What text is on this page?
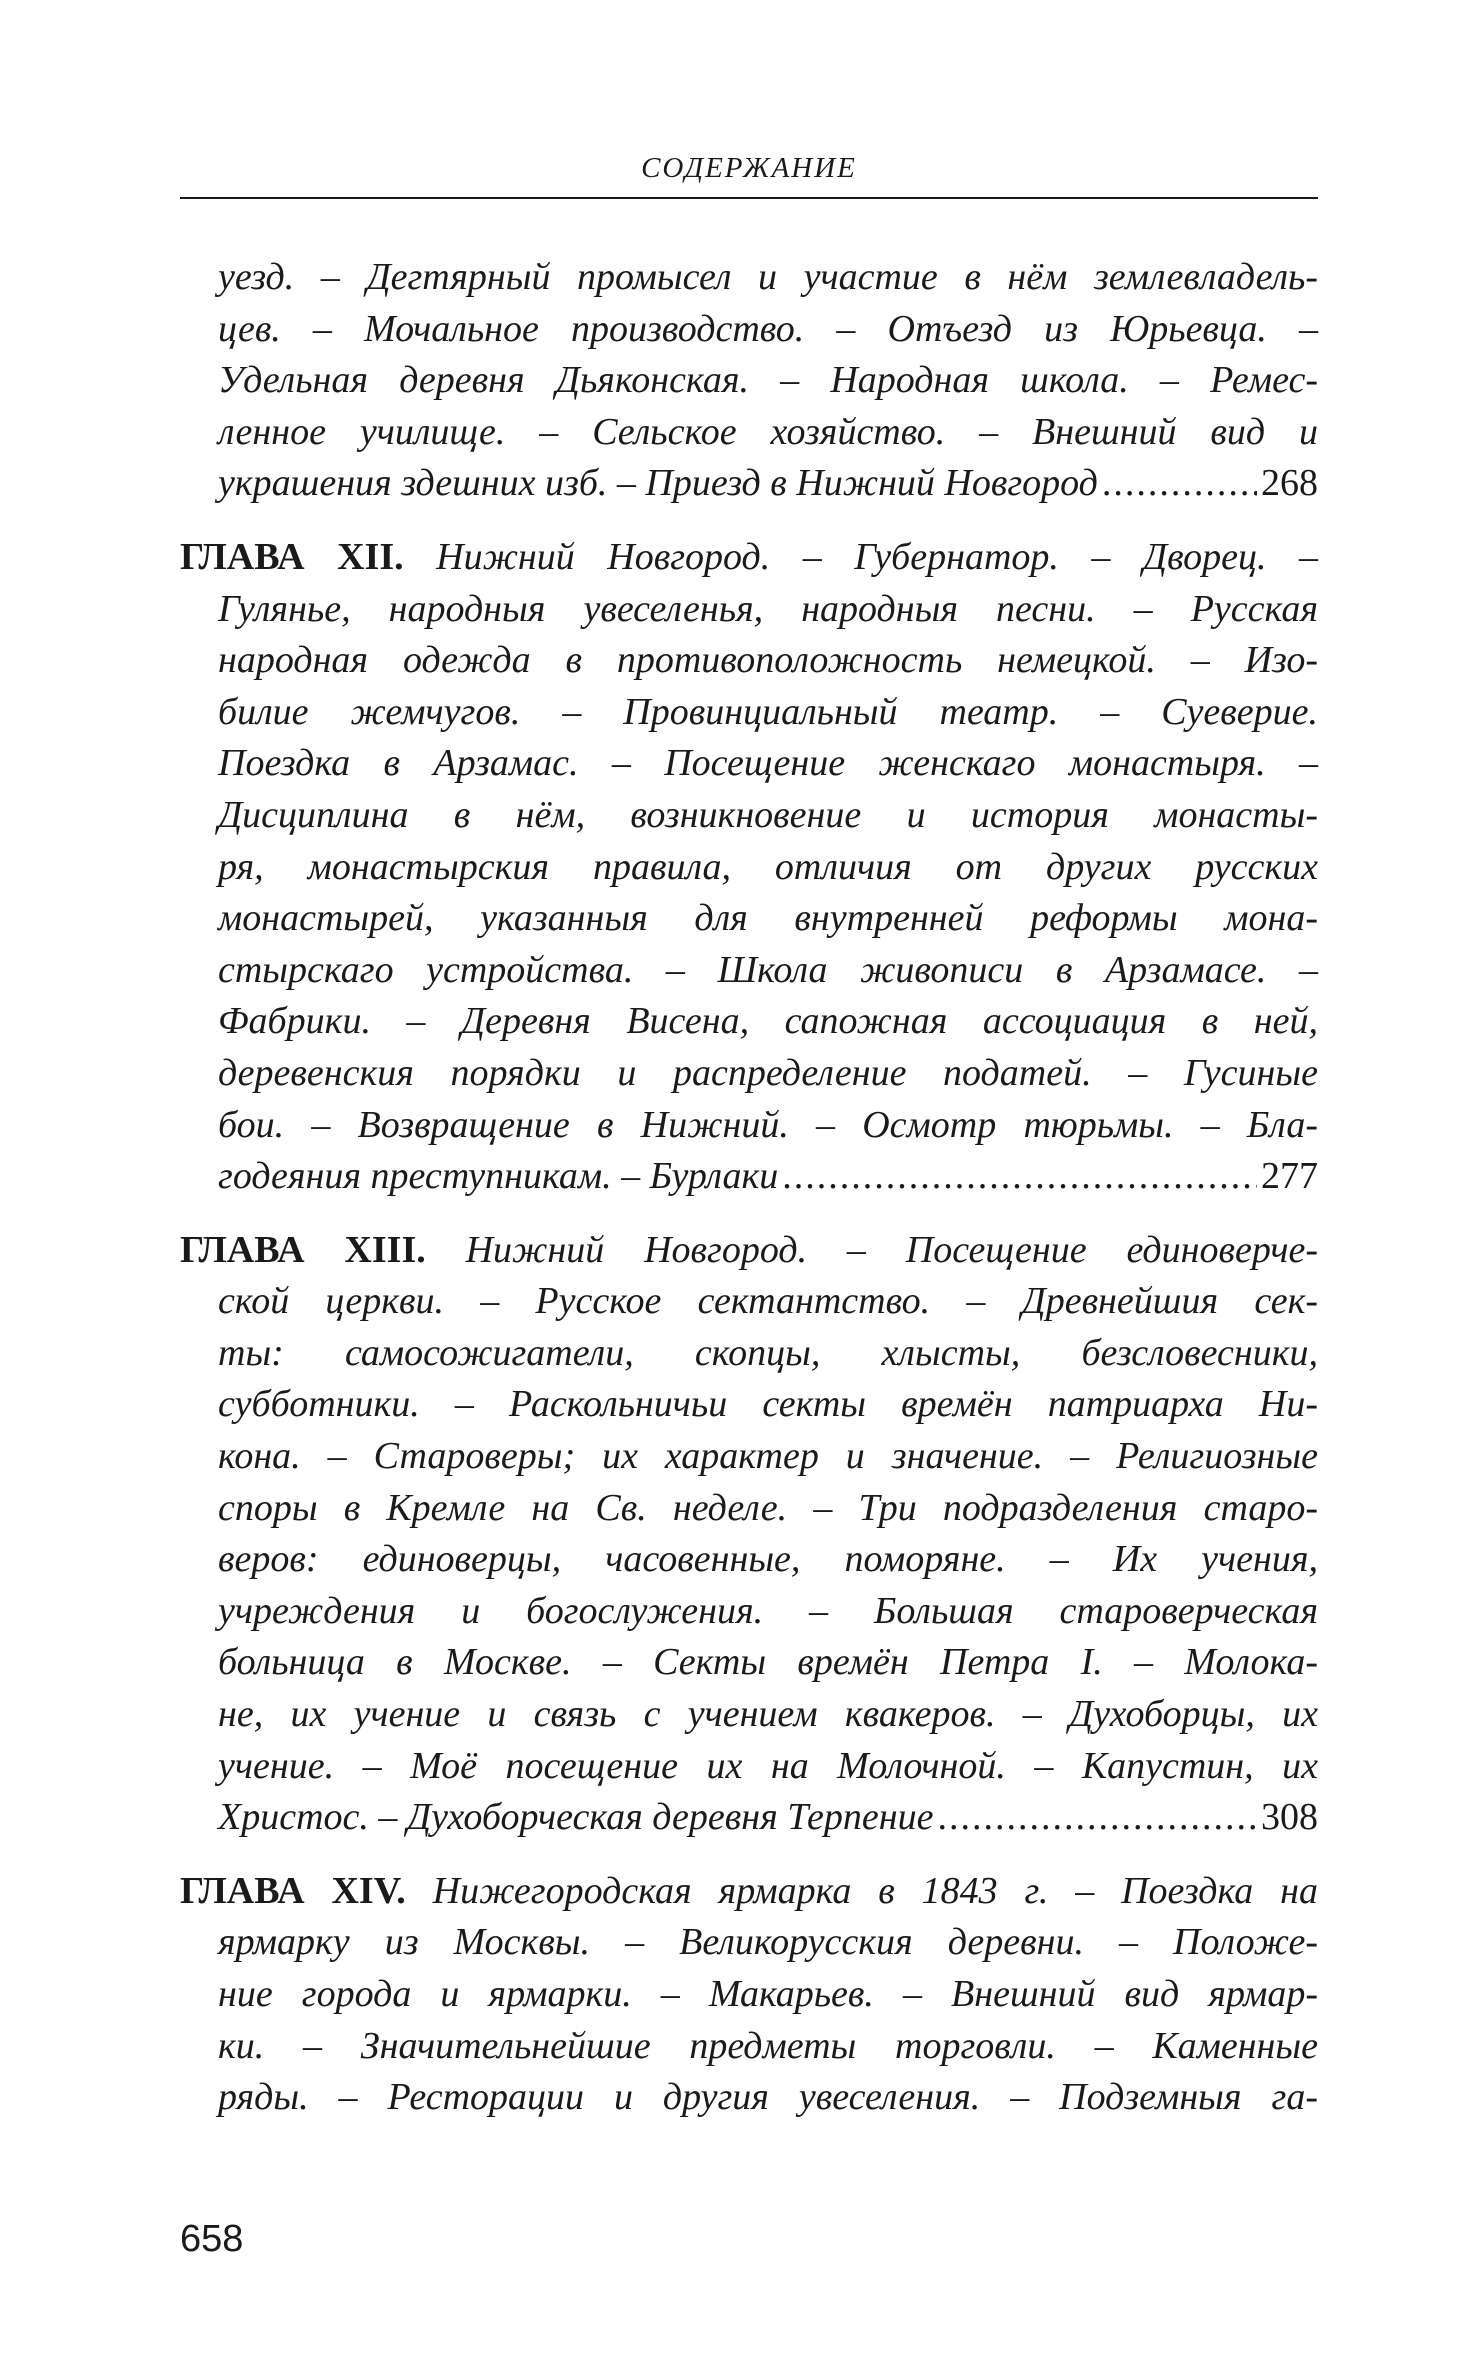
СОДЕРЖАНИЕ
уезд. – Дегтярный промысел и участие в нём землевладель-
цев. – Мочальное производство. – Отъезд из Юрьевца. –
Удельная деревня Дьяконская. – Народная школа. – Ремес-
ленное училище. – Сельское хозяйство. – Внешний вид и
украшения здешних изб. – Приезд в Нижний Новгород .....	268
ГЛАВА XII. Нижний Новгород. – Губернатор. – Дворец. –
Гулянье, народныя увеселенья, народныя песни. – Русская
народная одежда в противоположность немецкой. – Изо-
билие жемчугов. – Провинциальный театр. – Суеверие.
Поездка в Арзамас. – Посещение женскаго монастыря. –
Дисциплина в нём, возникновение и история монасты-
ря, монастырския правила, отличия от других русских
монастырей, указанныя для внутренней реформы мона-
стырскаго устройства. – Школа живописи в Арзамасе. –
Фабрики. – Деревня Висена, сапожная ассоциация в ней,
деревенския порядки и распределение податей. – Гусиные
бои. – Возвращение в Нижний. – Осмотр тюрьмы. – Бла-
годеяния преступникам. – Бурлаки .....	277
ГЛАВА XIII. Нижний Новгород. – Посещение единоверче-
ской церкви. – Русское сектантство. – Древнейшия сек-
ты: самосожигатели, скопцы, хлысты, безсловесники,
субботники. – Раскольничьи секты времён патриарха Ни-
кона. – Староверы; их характер и значение. – Религиозные
споры в Кремле на Св. неделе. – Три подразделения старо-
веров: единоверцы, часовенные, поморяне. – Их учения,
учреждения и богослужения. – Большая староверческая
больница в Москве. – Секты времён Петра I. – Молока-
не, их учение и связь с учением квакеров. – Духоборцы, их
учение. – Моё посещение их на Молочной. – Капустин, их
Христос. – Духоборческая деревня Терпение .....	308
ГЛАВА XIV. Нижегородская ярмарка в 1843 г. – Поездка на
ярмарку из Москвы. – Великорусския деревни. – Положе-
ние города и ярмарки. – Макарьев. – Внешний вид ярмар-
ки. – Значительнейшие предметы торговли. – Каменные
ряды. – Ресторации и другия увеселения. – Подземныя га-
658
